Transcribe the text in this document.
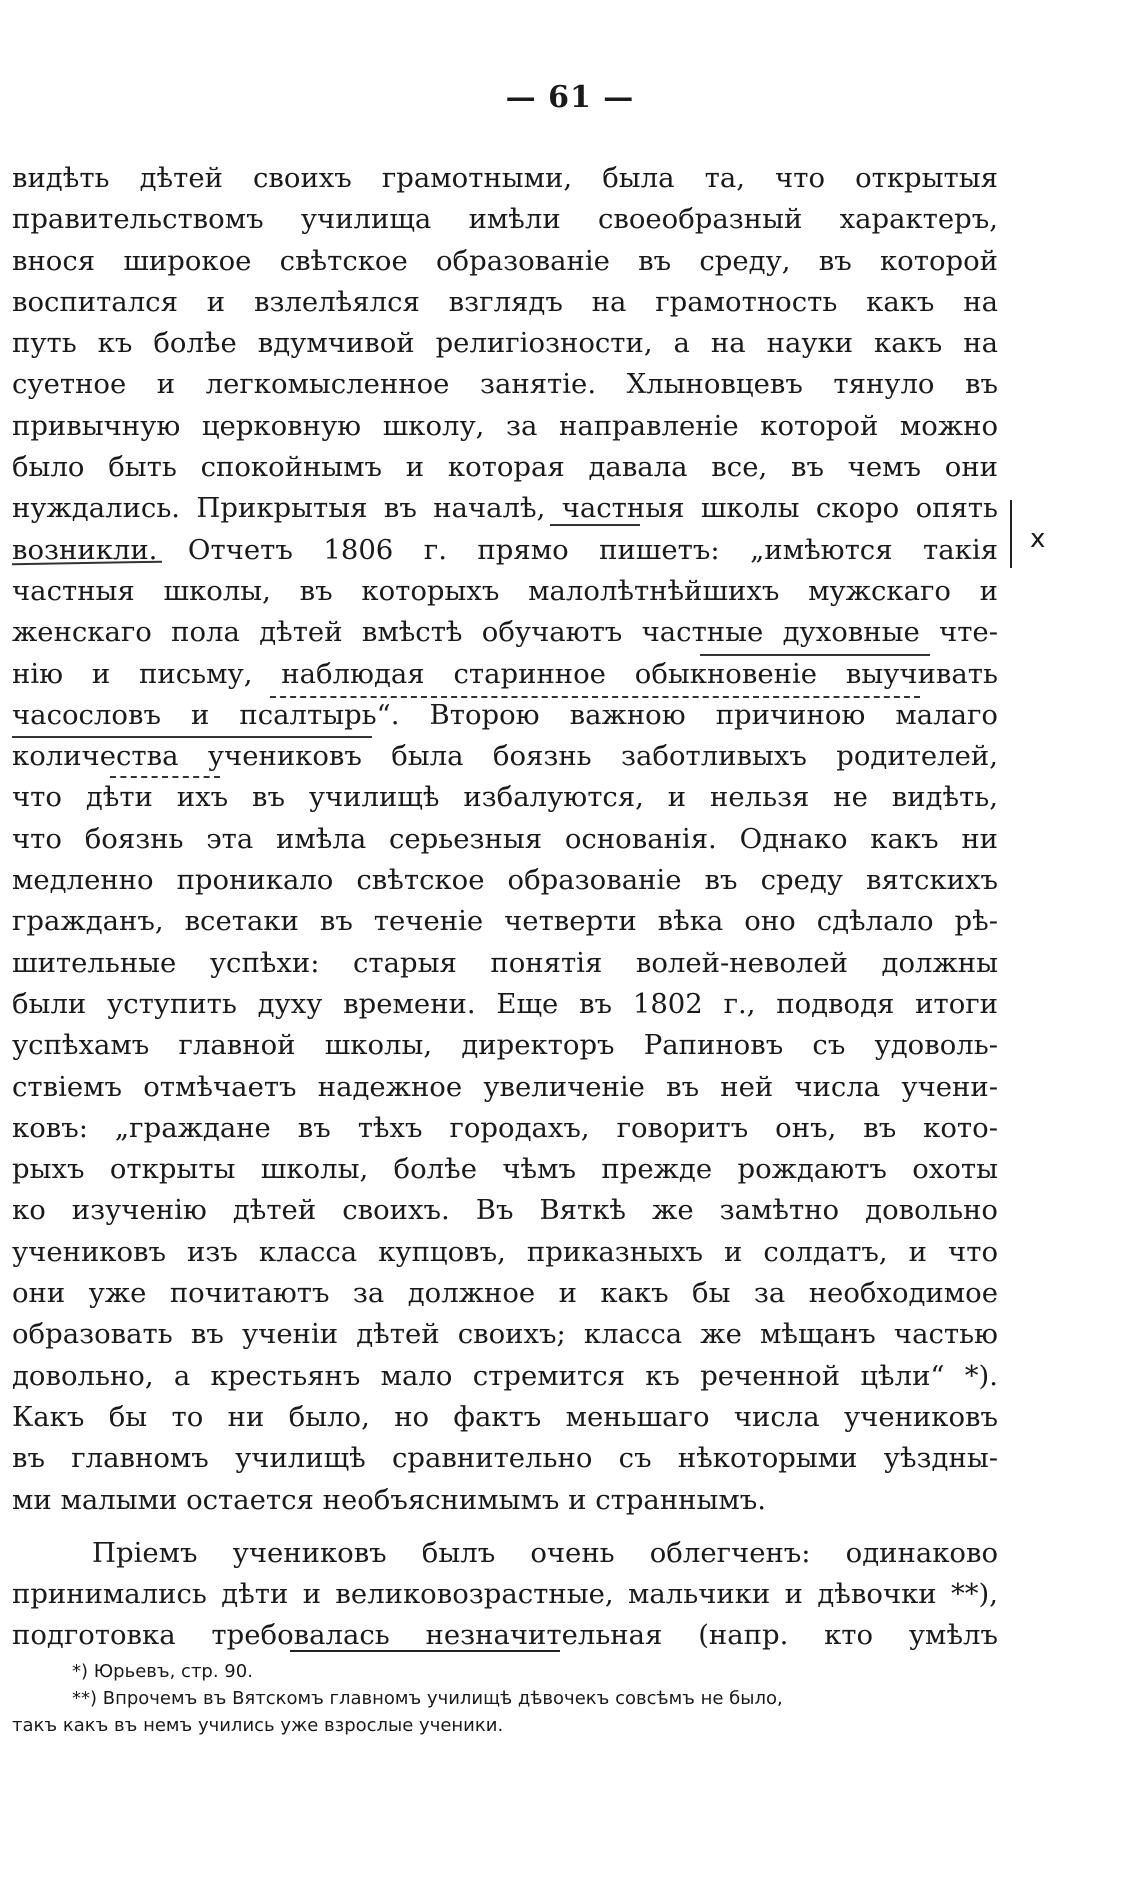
— 61 —
видѣть дѣтей своихъ грамотными, была та, что открытыя
правительствомъ училища имѣли своеобразный характеръ,
внося широкое свѣтское образованіе въ среду, въ которой
воспитался и взлелѣялся взглядъ на грамотность какъ на
путь къ болѣе вдумчивой религіозности, а на науки какъ на
суетное и легкомысленное занятіе. Хлыновцевъ тянуло въ
привычную церковную школу, за направленіе которой можно
было быть спокойнымъ и которая давала все, въ чемъ они
нуждались. Прикрытыя въ началѣ, частныя школы скоро опять
возникли. Отчетъ 1806 г. прямо пишетъ: „имѣются такія
частныя школы, въ которыхъ малолѣтнѣйшихъ мужскаго и
женскаго пола дѣтей вмѣстѣ обучаютъ частные духовные чте-
нію и письму, наблюдая старинное обыкновеніе выучивать
часословъ и псалтырь“. Второю важною причиною малаго
количества учениковъ была боязнь заботливыхъ родителей,
что дѣти ихъ въ училищѣ избалуются, и нельзя не видѣть,
что боязнь эта имѣла серьезныя основанія. Однако какъ ни
медленно проникало свѣтское образованіе въ среду вятскихъ
гражданъ, всетаки въ теченіе четверти вѣка оно сдѣлало рѣ-
шительные успѣхи: старыя понятія волей-неволей должны
были уступить духу времени. Еще въ 1802 г., подводя итоги
успѣхамъ главной школы, директоръ Рапиновъ съ удоволь-
ствіемъ отмѣчаетъ надежное увеличеніе въ ней числа учени-
ковъ: „граждане въ тѣхъ городахъ, говоритъ онъ, въ кото-
рыхъ открыты школы, болѣе чѣмъ прежде рождаютъ охоты
ко изученію дѣтей своихъ. Въ Вяткѣ же замѣтно довольно
учениковъ изъ класса купцовъ, приказныхъ и солдатъ, и что
они уже почитаютъ за должное и какъ бы за необходимое
образовать въ ученіи дѣтей своихъ; класса же мѣщанъ частью
довольно, а крестьянъ мало стремится къ реченной цѣли“ *).
Какъ бы то ни было, но фактъ меньшаго числа учениковъ
въ главномъ училищѣ сравнительно съ нѣкоторыми уѣздны-
ми малыми остается необъяснимымъ и страннымъ.
Пріемъ учениковъ былъ очень облегченъ: одинаково
принимались дѣти и великовозрастные, мальчики и дѣвочки **),
подготовка требовалась незначительная (напр. кто умѣлъ
ⅹ
*) Юрьевъ, стр. 90.
**) Впрочемъ въ Вятскомъ главномъ училищѣ дѣвочекъ совсѣмъ не было,
такъ какъ въ немъ учились уже взрослые ученики.
